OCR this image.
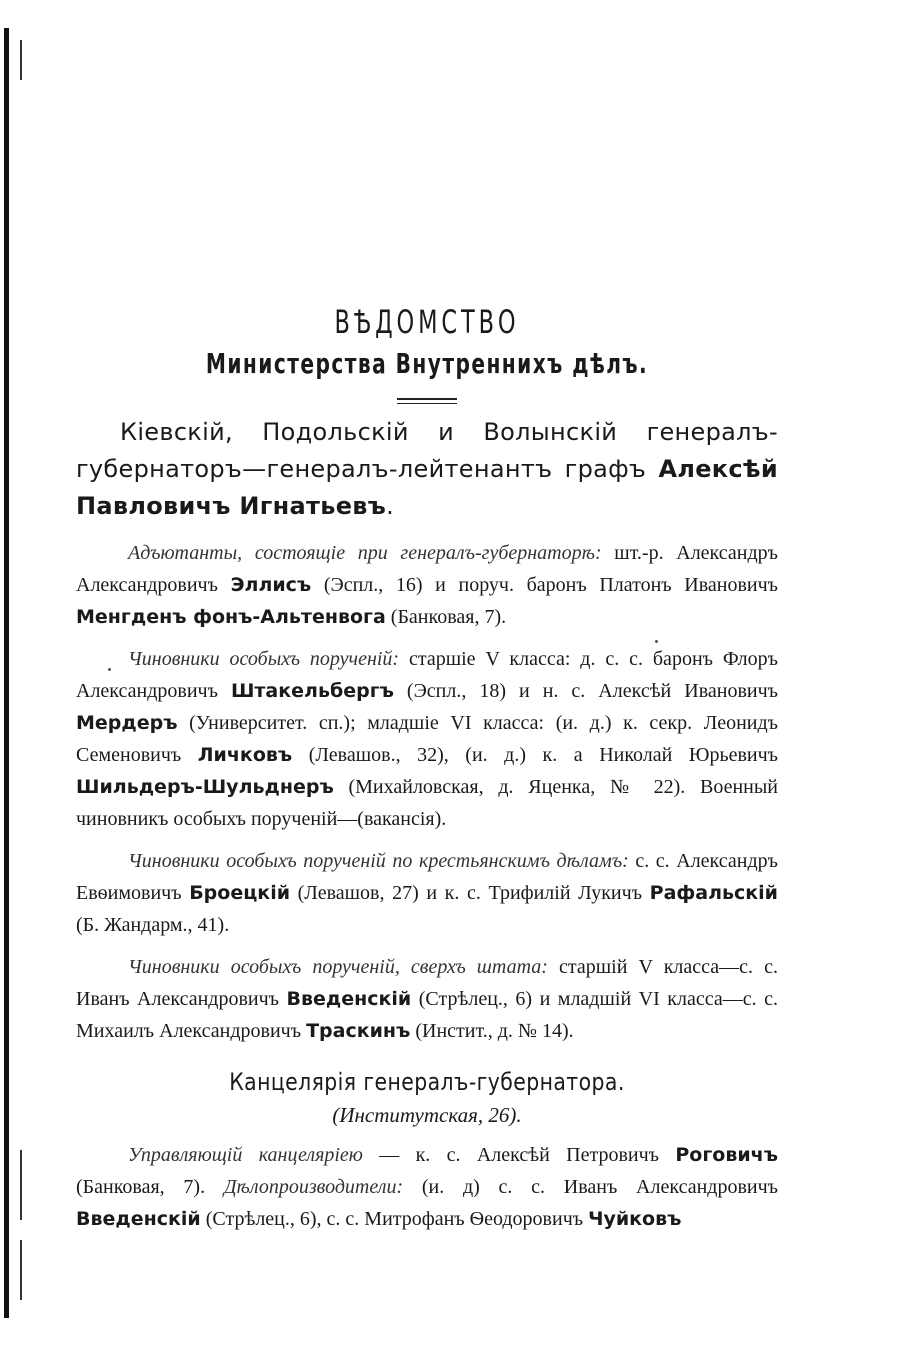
ВѢДОМСТВО
Министерства Внутреннихъ дѣлъ.

Кіевскій, Подольскій и Волынскій генералъ-губернаторъ—генералъ-лейтенантъ графъ Алексѣй Павловичъ Игнатьевъ.

Адъютанты, состоящіе при генералъ-губернаторѣ: шт.-р. Александръ Александровичъ Эллисъ (Эспл., 16) и поруч. баронъ Платонъ Ивановичъ Менгденъ фонъ-Альтенвога (Банковая, 7).

Чиновники особыхъ порученій: старшіе V класса: д. с. с. баронъ Флоръ Александровичъ Штакельбергъ (Эспл., 18) и н. с. Алексѣй Ивановичъ Мердеръ (Университет. сп.); младшіе VI класса: (и. д.) к. секр. Леонидъ Семеновичъ Личковъ (Левашов., 32), (и. д.) к. а Николай Юрьевичъ Шильдеръ-Шульднеръ (Михайловская, д. Яценка, № 22). Военный чиновникъ особыхъ порученій—(вакансія).

Чиновники особыхъ порученій по крестьянскимъ дѣламъ: с. с. Александръ Евѳимовичъ Броецкій (Левашов, 27) и к. с. Трифилій Лукичъ Рафальскій (Б. Жандарм., 41).

Чиновники особыхъ порученій, сверхъ штата: старшій V класса—с. с. Иванъ Александровичъ Введенскій (Стрѣлец., 6) и младшій VI класса—с. с. Михаилъ Александровичъ Траскинъ (Инстит., д. № 14).

Канцелярія генералъ-губернатора.
(Институтская, 26).

Управляющій канцеляріею — к. с. Алексѣй Петровичъ Роговичъ (Банковая, 7). Дѣлопроизводители: (и. д) с. с. Иванъ Александровичъ Введенскій (Стрѣлец., 6), с. с. Митрофанъ Ѳеодоровичъ Чуйковъ
